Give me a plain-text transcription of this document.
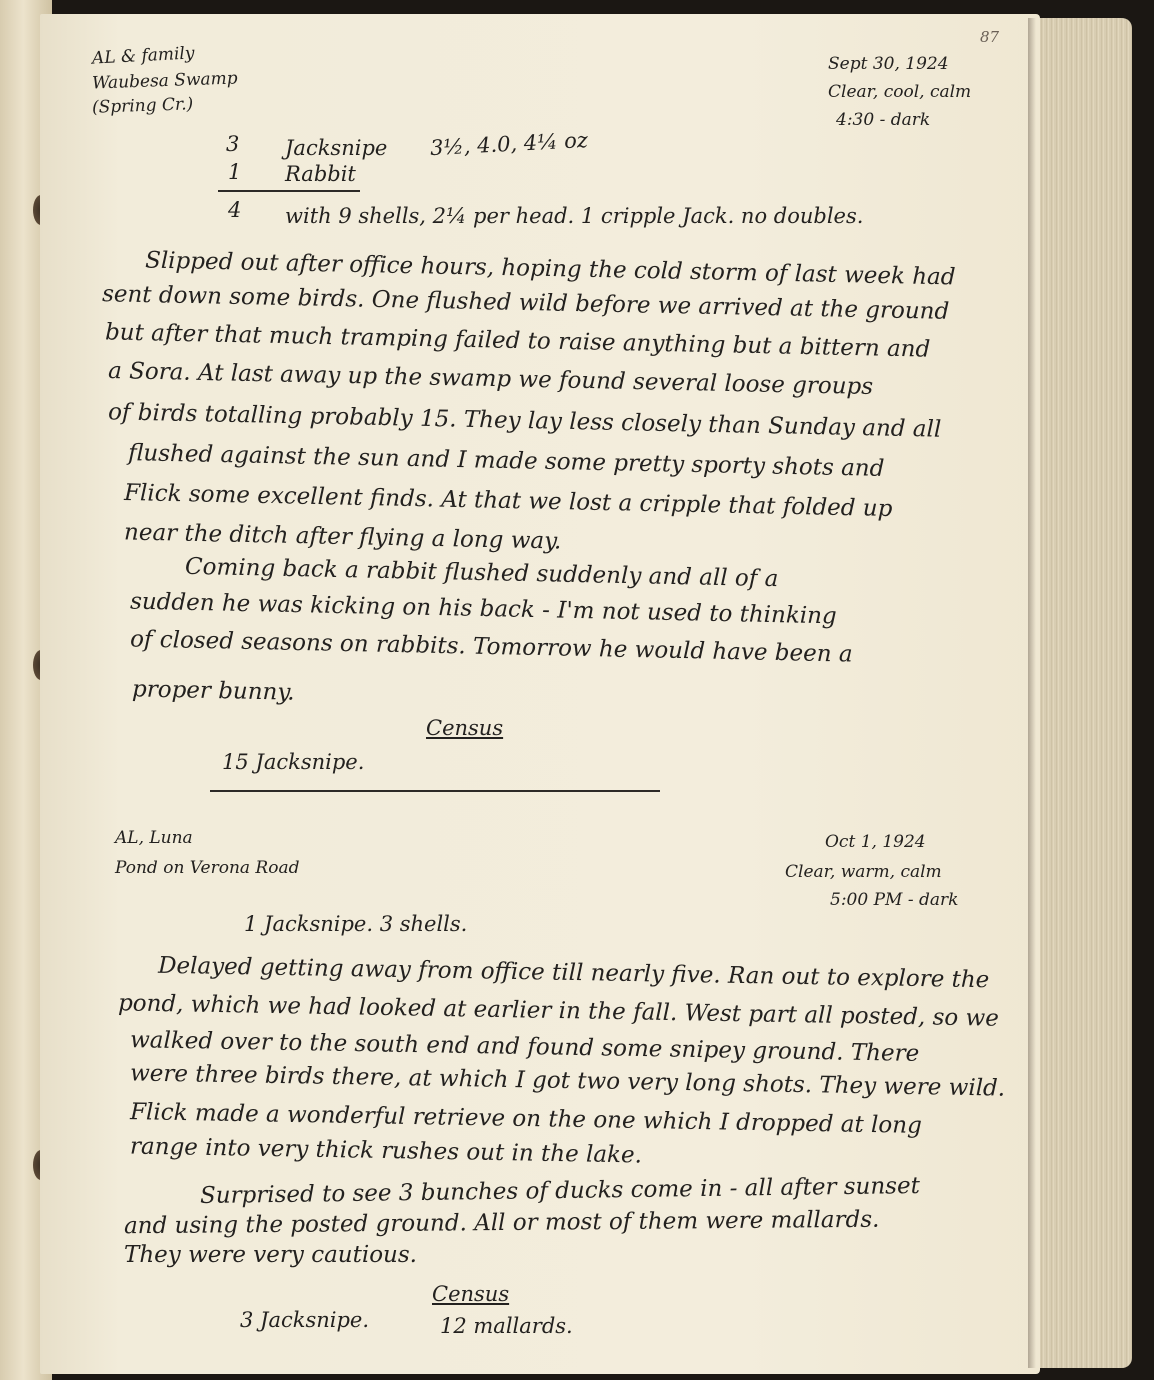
87
AL & family
Waubesa Swamp
(Spring Cr.)
Sept 30, 1924
Clear, cool, calm
4:30 - dark
3 Jacksnipe 3½, 4.0, 4¼ oz
1 Rabbit
4 with 9 shells, 2¼ per head. 1 cripple Jack. no doubles.
Slipped out after office hours, hoping the cold storm of last week had
sent down some birds. One flushed wild before we arrived at the ground
but after that much tramping failed to raise anything but a bittern and
a Sora. At last away up the swamp we found several loose groups
of birds totalling probably 15. They lay less closely than Sunday and all
flushed against the sun and I made some pretty sporty shots and
Flick some excellent finds. At that we lost a cripple that folded up
near the ditch after flying a long way.
Coming back a rabbit flushed suddenly and all of a
sudden he was kicking on his back - I'm not used to thinking
of closed seasons on rabbits. Tomorrow he would have been a
proper bunny.
Census
15 Jacksnipe.
AL, Luna
Pond on Verona Road
Oct 1, 1924
Clear, warm, calm
5:00 PM - dark
1 Jacksnipe. 3 shells.
Delayed getting away from office till nearly five. Ran out to explore the
pond, which we had looked at earlier in the fall. West part all posted, so we
walked over to the south end and found some snipey ground. There
were three birds there, at which I got two very long shots. They were wild.
Flick made a wonderful retrieve on the one which I dropped at long
range into very thick rushes out in the lake.
Surprised to see 3 bunches of ducks come in - all after sunset
and using the posted ground. All or most of them were mallards.
They were very cautious.
Census
3 Jacksnipe.	12 mallards.
